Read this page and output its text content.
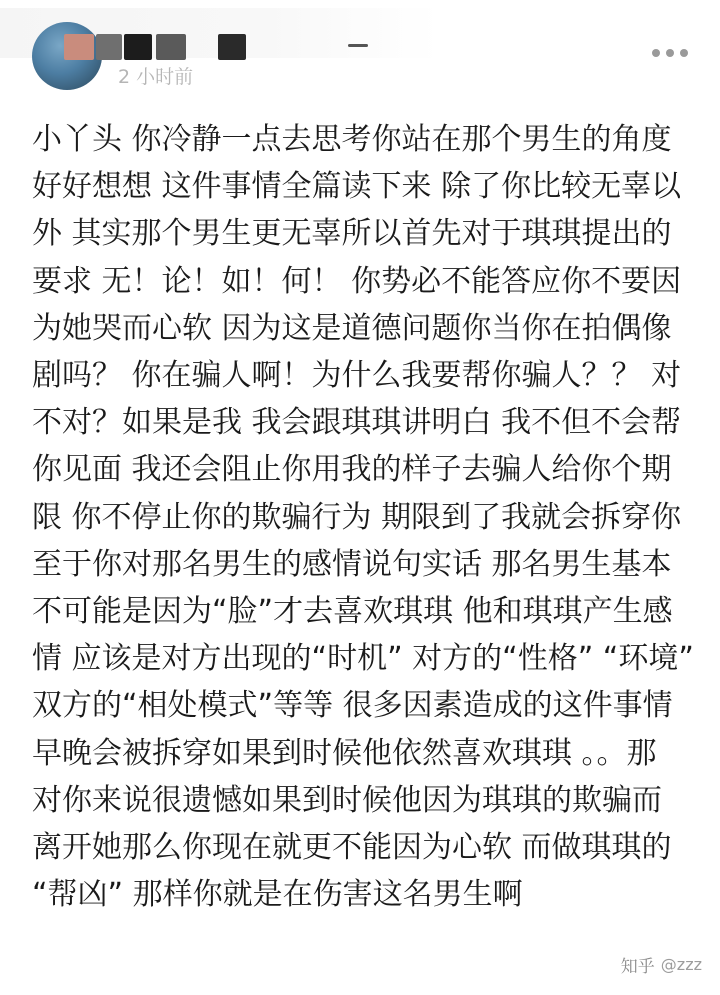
2 小时前

小丫头 你冷静一点去思考你站在那个男生的角度
好好想想 这件事情全篇读下来 除了你比较无辜以
外 其实那个男生更无辜所以首先对于琪琪提出的
要求 无！论！如！何！ 你势必不能答应你不要因
为她哭而心软 因为这是道德问题你当你在拍偶像
剧吗？ 你在骗人啊！为什么我要帮你骗人？？ 对
不对？如果是我 我会跟琪琪讲明白 我不但不会帮
你见面 我还会阻止你用我的样子去骗人给你个期
限 你不停止你的欺骗行为 期限到了我就会拆穿你
至于你对那名男生的感情说句实话 那名男生基本
不可能是因为“脸”才去喜欢琪琪 他和琪琪产生感
情 应该是对方出现的“时机” 对方的“性格” “环境”
双方的“相处模式”等等 很多因素造成的这件事情
早晚会被拆穿如果到时候他依然喜欢琪琪 。。那
对你来说很遗憾如果到时候他因为琪琪的欺骗而
离开她那么你现在就更不能因为心软 而做琪琪的
“帮凶” 那样你就是在伤害这名男生啊

知乎 @zzz
